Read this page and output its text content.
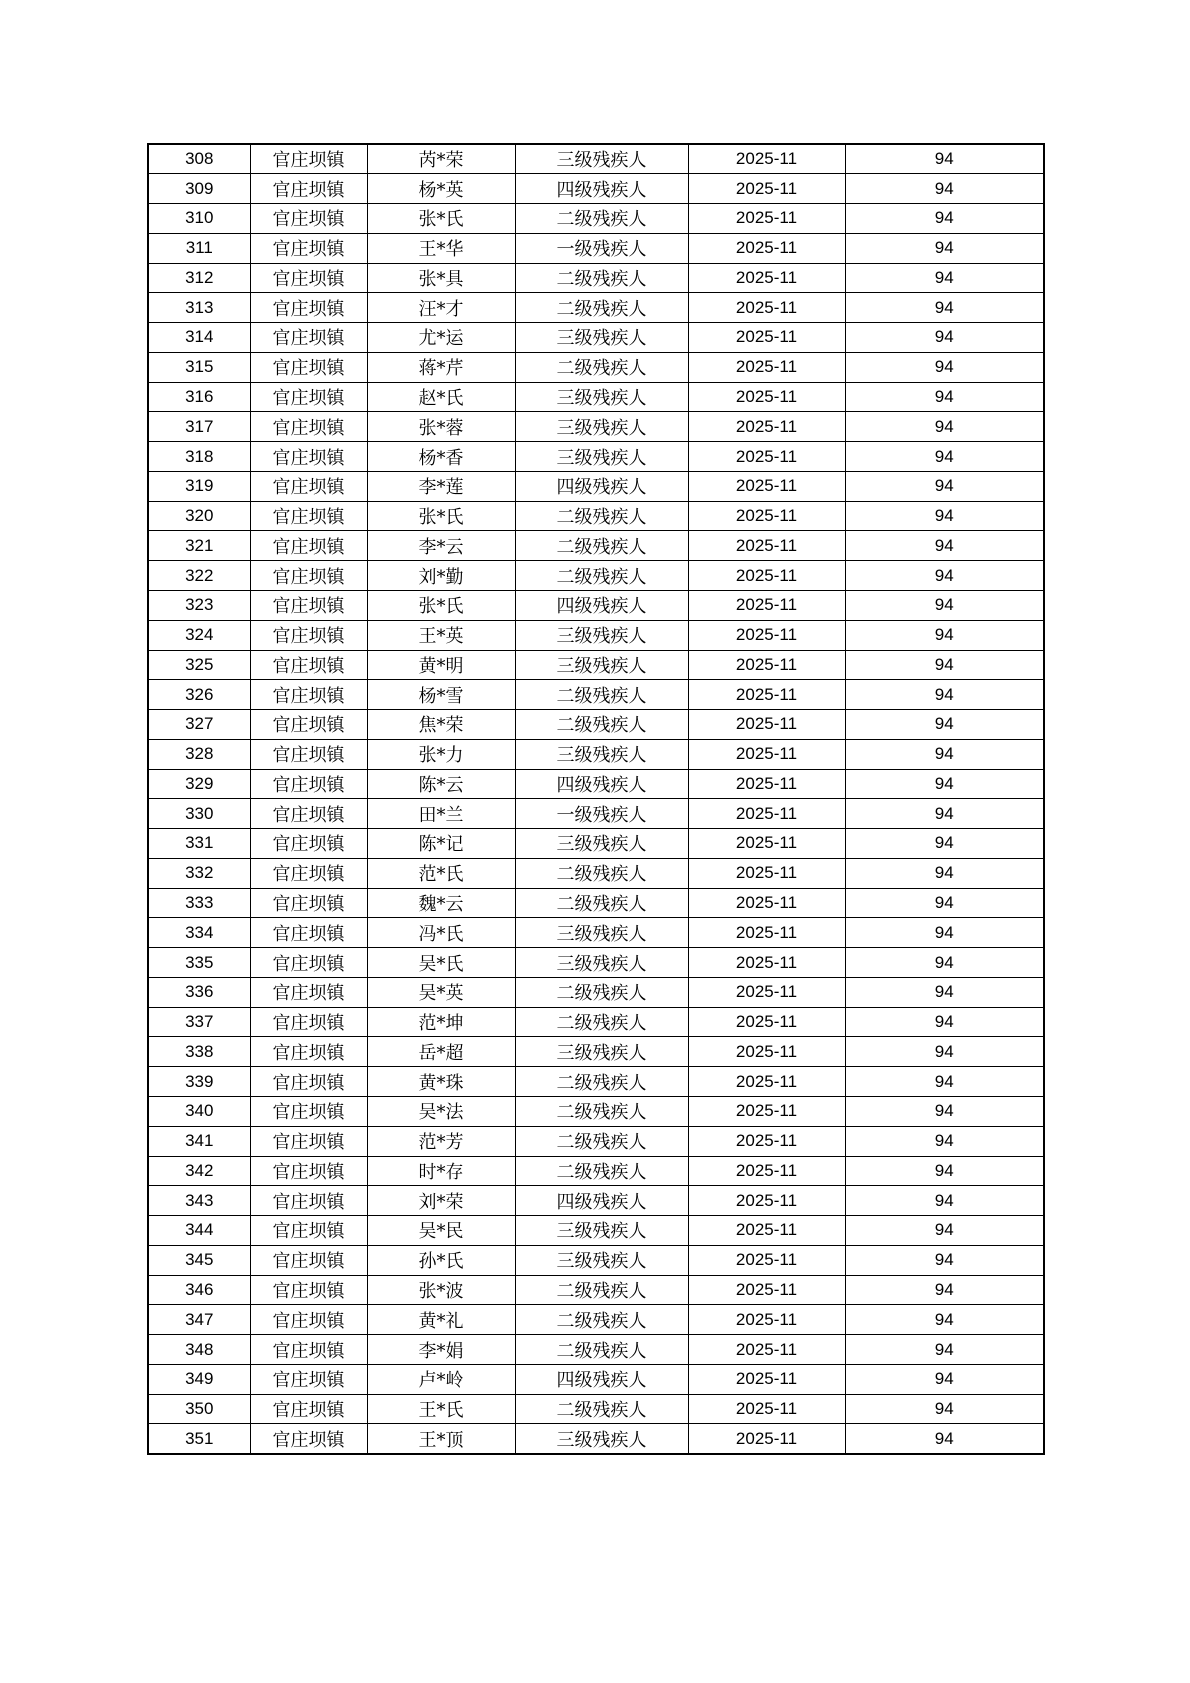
308	官庄坝镇	芮*荣	三级残疾人	2025-11	94
309	官庄坝镇	杨*英	四级残疾人	2025-11	94
310	官庄坝镇	张*氏	二级残疾人	2025-11	94
311	官庄坝镇	王*华	一级残疾人	2025-11	94
312	官庄坝镇	张*具	二级残疾人	2025-11	94
313	官庄坝镇	汪*才	二级残疾人	2025-11	94
314	官庄坝镇	尤*运	三级残疾人	2025-11	94
315	官庄坝镇	蒋*芹	二级残疾人	2025-11	94
316	官庄坝镇	赵*氏	三级残疾人	2025-11	94
317	官庄坝镇	张*蓉	三级残疾人	2025-11	94
318	官庄坝镇	杨*香	三级残疾人	2025-11	94
319	官庄坝镇	李*莲	四级残疾人	2025-11	94
320	官庄坝镇	张*氏	二级残疾人	2025-11	94
321	官庄坝镇	李*云	二级残疾人	2025-11	94
322	官庄坝镇	刘*勤	二级残疾人	2025-11	94
323	官庄坝镇	张*氏	四级残疾人	2025-11	94
324	官庄坝镇	王*英	三级残疾人	2025-11	94
325	官庄坝镇	黄*明	三级残疾人	2025-11	94
326	官庄坝镇	杨*雪	二级残疾人	2025-11	94
327	官庄坝镇	焦*荣	二级残疾人	2025-11	94
328	官庄坝镇	张*力	三级残疾人	2025-11	94
329	官庄坝镇	陈*云	四级残疾人	2025-11	94
330	官庄坝镇	田*兰	一级残疾人	2025-11	94
331	官庄坝镇	陈*记	三级残疾人	2025-11	94
332	官庄坝镇	范*氏	二级残疾人	2025-11	94
333	官庄坝镇	魏*云	二级残疾人	2025-11	94
334	官庄坝镇	冯*氏	三级残疾人	2025-11	94
335	官庄坝镇	吴*氏	三级残疾人	2025-11	94
336	官庄坝镇	吴*英	二级残疾人	2025-11	94
337	官庄坝镇	范*坤	二级残疾人	2025-11	94
338	官庄坝镇	岳*超	三级残疾人	2025-11	94
339	官庄坝镇	黄*珠	二级残疾人	2025-11	94
340	官庄坝镇	吴*法	二级残疾人	2025-11	94
341	官庄坝镇	范*芳	二级残疾人	2025-11	94
342	官庄坝镇	时*存	二级残疾人	2025-11	94
343	官庄坝镇	刘*荣	四级残疾人	2025-11	94
344	官庄坝镇	吴*民	三级残疾人	2025-11	94
345	官庄坝镇	孙*氏	三级残疾人	2025-11	94
346	官庄坝镇	张*波	二级残疾人	2025-11	94
347	官庄坝镇	黄*礼	二级残疾人	2025-11	94
348	官庄坝镇	李*娟	二级残疾人	2025-11	94
349	官庄坝镇	卢*岭	四级残疾人	2025-11	94
350	官庄坝镇	王*氏	二级残疾人	2025-11	94
351	官庄坝镇	王*顶	三级残疾人	2025-11	94
